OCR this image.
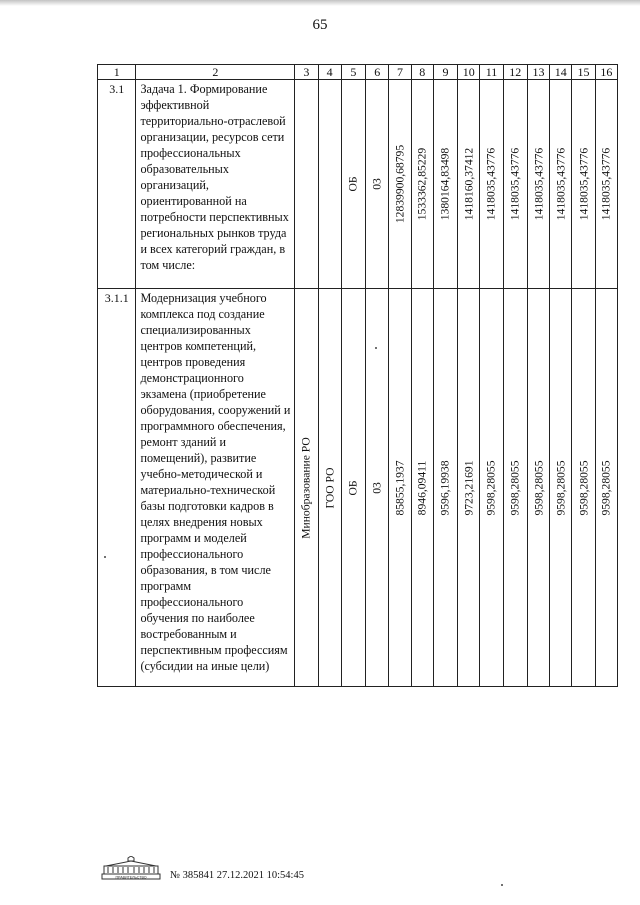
65
1	2	3	4	5	6	7	8	9	10	11	12	13	14	15	16
3.1	Задача 1. Формирование эффективной территориально-отраслевой организации, ресурсов сети профессиональных образовательных организаций, ориентированной на потребности перспективных региональных рынков труда и всех категорий граждан, в том числе:			ОБ	03	12839900,68795	1533362,85229	1380164,83498	1418160,37412	1418035,43776	1418035,43776	1418035,43776	1418035,43776	1418035,43776	1418035,43776

3.1.1	Модернизация учебного комплекса под создание специализированных центров компетенций, центров проведения демонстрационного экзамена (приобретение оборудования, сооружений и программного обеспечения, ремонт зданий и помещений), развитие учебно-методической и материально-технической базы подготовки кадров в целях внедрения новых программ и моделей профессионального образования, в том числе программ профессионального обучения по наиболее востребованным и перспективным профессиям (субсидии на иные цели)	Минобразование РО	ГОО РО	ОБ	03	85855,1937	8946,09411	9596,19938	9723,21691	9598,28055	9598,28055	9598,28055	9598,28055	9598,28055	9598,28055
ПРАВИТЕЛЬСТВО № 385841 27.12.2021 10:54:45
